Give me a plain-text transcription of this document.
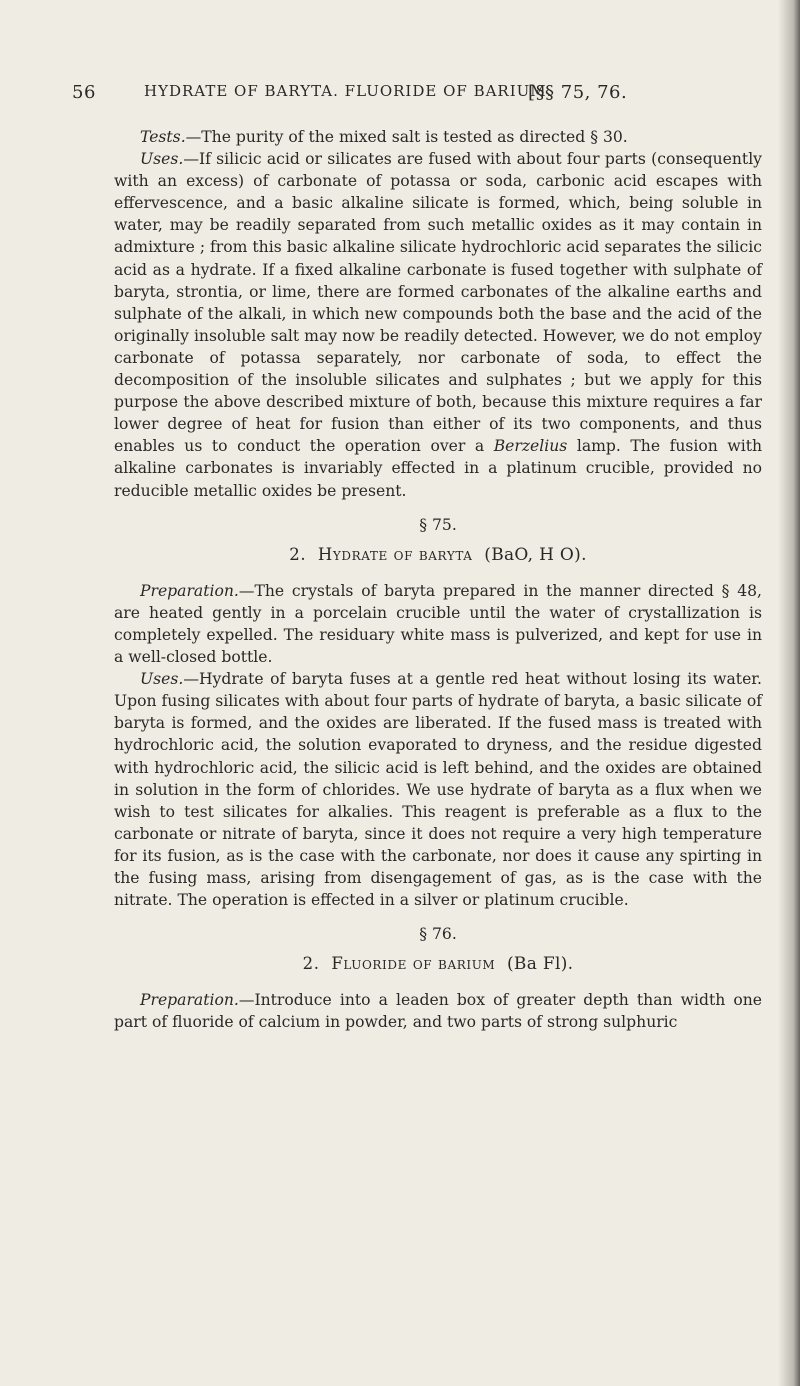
56	HYDRATE OF BARYTA. FLUORIDE OF BARIUM.
[§§ 75, 76.

Tests.—The purity of the mixed salt is tested as directed § 30.

Uses.—If silicic acid or silicates are fused with about four parts (consequently with an excess) of carbonate of potassa or soda, carbonic acid escapes with effervescence, and a basic alkaline silicate is formed, which, being soluble in water, may be readily separated from such metallic oxides as it may contain in admixture ; from this basic alkaline silicate hydrochloric acid separates the silicic acid as a hydrate. If a fixed alkaline carbonate is fused together with sulphate of baryta, strontia, or lime, there are formed carbonates of the alkaline earths and sulphate of the alkali, in which new compounds both the base and the acid of the originally insoluble salt may now be readily detected. However, we do not employ carbonate of potassa separately, nor carbonate of soda, to effect the decomposition of the insoluble silicates and sulphates ; but we apply for this purpose the above described mixture of both, because this mixture requires a far lower degree of heat for fusion than either of its two components, and thus enables us to conduct the operation over a Berzelius lamp. The fusion with alkaline carbonates is invariably effected in a platinum crucible, provided no reducible metallic oxides be present.

§ 75.
2. Hydrate of baryta (BaO, H O).

Preparation.—The crystals of baryta prepared in the manner directed § 48, are heated gently in a porcelain crucible until the water of crystallization is completely expelled. The residuary white mass is pulverized, and kept for use in a well-closed bottle.

Uses.—Hydrate of baryta fuses at a gentle red heat without losing its water. Upon fusing silicates with about four parts of hydrate of baryta, a basic silicate of baryta is formed, and the oxides are liberated. If the fused mass is treated with hydrochloric acid, the solution evaporated to dryness, and the residue digested with hydrochloric acid, the silicic acid is left behind, and the oxides are obtained in solution in the form of chlorides. We use hydrate of baryta as a flux when we wish to test silicates for alkalies. This reagent is preferable as a flux to the carbonate or nitrate of baryta, since it does not require a very high temperature for its fusion, as is the case with the carbonate, nor does it cause any spirting in the fusing mass, arising from disengagement of gas, as is the case with the nitrate. The operation is effected in a silver or platinum crucible.

§ 76.
2. Fluoride of barium (Ba Fl).

Preparation.—Introduce into a leaden box of greater depth than width one part of fluoride of calcium in powder, and two parts of strong sulphuric
